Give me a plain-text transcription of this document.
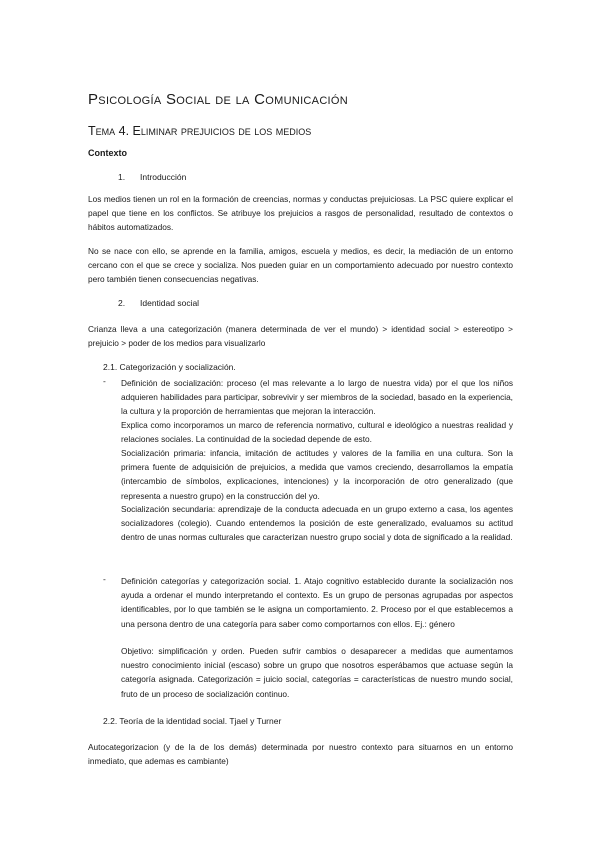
Psicología Social de la Comunicación
Tema 4. Eliminar prejuicios de los medios
Contexto

1. Introducción

Los medios tienen un rol en la formación de creencias, normas y conductas prejuiciosas. La PSC quiere explicar el papel que tiene en los conflictos. Se atribuye los prejuicios a rasgos de personalidad, resultado de contextos o hábitos automatizados.

No se nace con ello, se aprende en la familia, amigos, escuela y medios, es decir, la mediación de un entorno cercano con el que se crece y socializa. Nos pueden guiar en un comportamiento adecuado por nuestro contexto pero también tienen consecuencias negativas.

2. Identidad social

Crianza lleva a una categorización (manera determinada de ver el mundo) > identidad social > estereotipo > prejuicio > poder de los medios para visualizarlo

2.1. Categorización y socialización.

- Definición de socialización: proceso (el mas relevante a lo largo de nuestra vida) por el que los niños adquieren habilidades para participar, sobrevivir y ser miembros de la sociedad, basado en la experiencia, la cultura y la proporción de herramientas que mejoran la interacción.

Explica como incorporamos un marco de referencia normativo, cultural e ideológico a nuestras realidad y relaciones sociales. La continuidad de la sociedad depende de esto.

Socialización primaria: infancia, imitación de actitudes y valores de la familia en una cultura. Son la primera fuente de adquisición de prejuicios, a medida que vamos creciendo, desarrollamos la empatía (intercambio de símbolos, explicaciones, intenciones) y la incorporación de otro generalizado (que representa a nuestro grupo) en la construcción del yo.

Socialización secundaria: aprendizaje de la conducta adecuada en un grupo externo a casa, los agentes socializadores (colegio). Cuando entendemos la posición de este generalizado, evaluamos su actitud dentro de unas normas culturales que caracterizan nuestro grupo social y dota de significado a la realidad.

- Definición categorías y categorización social. 1. Atajo cognitivo establecido durante la socialización nos ayuda a ordenar el mundo interpretando el contexto. Es un grupo de personas agrupadas por aspectos identificables, por lo que también se le asigna un comportamiento. 2. Proceso por el que establecemos a una persona dentro de una categoría para saber como comportarnos con ellos. Ej.: género

Objetivo: simplificación y orden. Pueden sufrir cambios o desaparecer a medidas que aumentamos nuestro conocimiento inicial (escaso) sobre un grupo que nosotros esperábamos que actuase según la categoría asignada. Categorización = juicio social, categorías = características de nuestro mundo social, fruto de un proceso de socialización continuo.

2.2. Teoría de la identidad social. Tjael y Turner

Autocategorizacion (y de la de los demás) determinada por nuestro contexto para situarnos en un entorno inmediato, que ademas es cambiante)
